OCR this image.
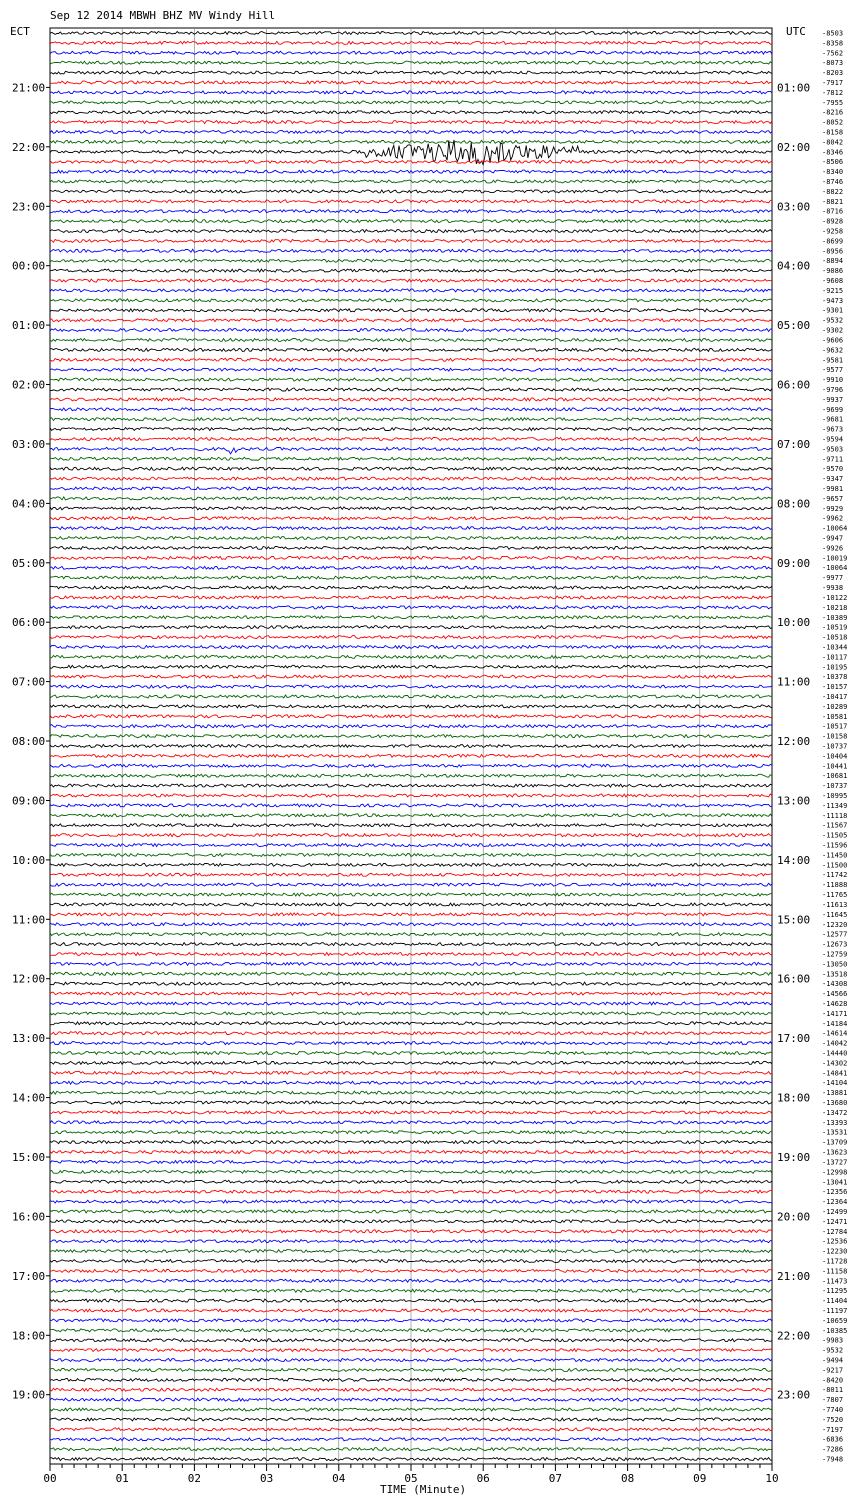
Sep 12 2014 MBWH BHZ MV Windy Hill
ECT	UTC
TIME (Minute)
-8503
-8358
-7562
-8073
-8203
-7917
-7812
-7955
-8216
-8052
-8158
-8042
-8346
-8506
-8340
-8746
-8822
-8821
-8716
-8928
-9258
-8699
-8956
-8894
-9086
-9608
-9215
-9473
-9301
-9532
-9302
-9606
-9632
-9581
-9577
-9910
-9796
-9937
-9699
-9681
-9673
-9594
-9503
-9711
-9570
-9347
-9981
-9657
-9929
-9962
-10064
-9947
-9926
-10019
-10064
-9977
-9938
-10122
-10218
-10389
-10519
-10518
-10344
-10117
-10195
-10378
-10157
-10417
-10289
-10581
-10517
-10158
-10737
-10404
-10441
-10681
-10737
-10995
-11349
-11118
-11567
-11505
-11596
-11450
-11500
-11742
-11888
-11765
-11613
-11645
-12320
-12577
-12673
-12759
-13050
-13518
-14308
-14566
-14628
-14171
-14184
-14614
-14042
-14440
-14302
-14841
-14104
-13881
-13680
-13472
-13393
-13531
-13709
-13623
-13727
-12998
-13041
-12356
-12364
-12499
-12471
-12784
-12536
-12230
-11728
-11158
-11473
-11295
-11404
-11197
-10659
-10385
-9983
-9532
-9494
-9217
-8420
-8011
-7807
-7740
-7520
-7197
-6836
-7286
-7948
21:00
22:00
23:00
00:00
01:00
02:00
03:00
04:00
05:00
06:00
07:00
08:00
09:00
10:00
11:00
12:00
13:00
14:00
15:00
16:00
17:00
18:00
19:00
01:00
02:00
03:00
04:00
05:00
06:00
07:00
08:00
09:00
10:00
11:00
12:00
13:00
14:00
15:00
16:00
17:00
18:00
19:00
20:00
21:00
22:00
23:00
00	01	02	03	04	05	06	07	08	09	10
